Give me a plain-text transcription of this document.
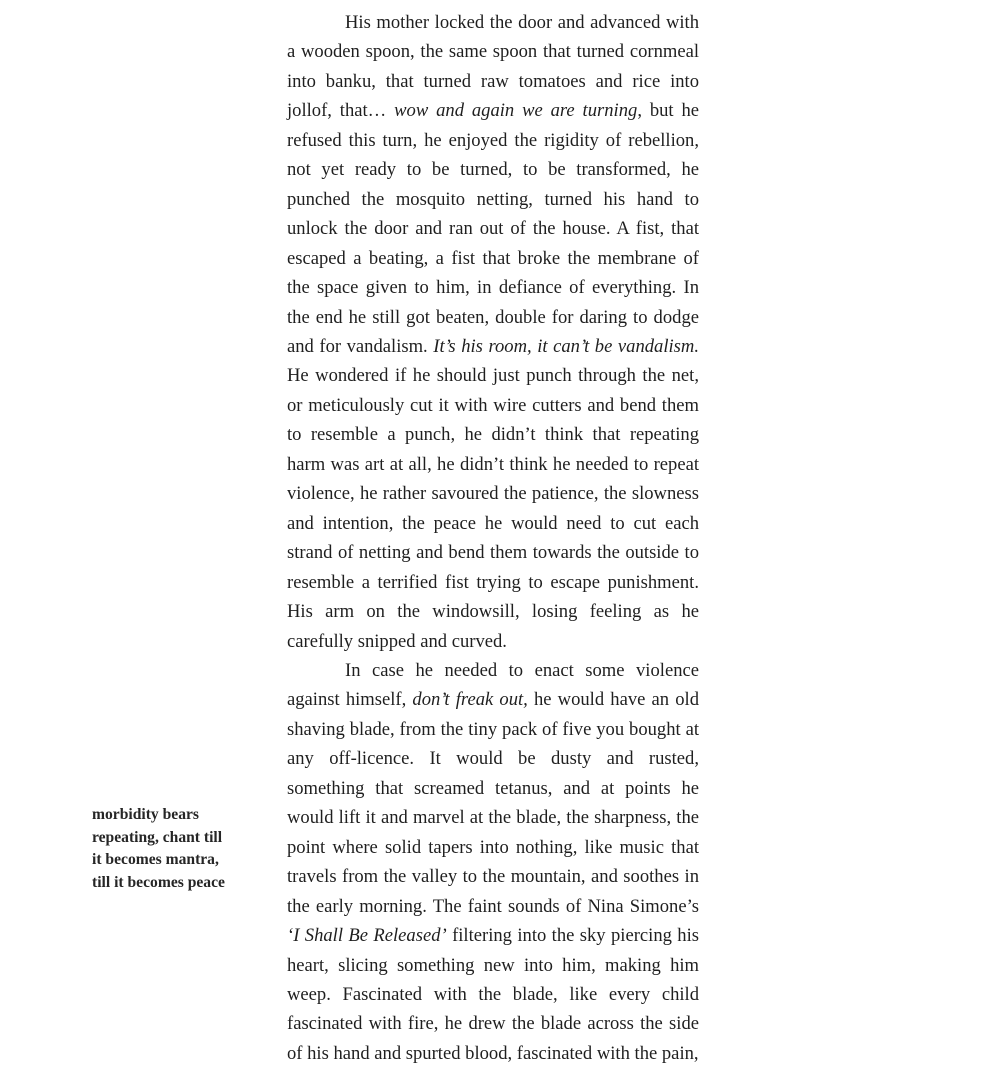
His mother locked the door and advanced with a wooden spoon, the same spoon that turned cornmeal into banku, that turned raw tomatoes and rice into jollof, that… wow and again we are turning, but he refused this turn, he enjoyed the rigidity of rebellion, not yet ready to be turned, to be transformed, he punched the mosquito netting, turned his hand to unlock the door and ran out of the house. A fist, that escaped a beating, a fist that broke the membrane of the space given to him, in defiance of everything. In the end he still got beaten, double for daring to dodge and for vandalism. It’s his room, it can’t be vandalism. He wondered if he should just punch through the net, or meticulously cut it with wire cutters and bend them to resemble a punch, he didn’t think that repeating harm was art at all, he didn’t think he needed to repeat violence, he rather savoured the patience, the slowness and intention, the peace he would need to cut each strand of netting and bend them towards the outside to resemble a terrified fist trying to escape punishment. His arm on the windowsill, losing feeling as he carefully snipped and curved.

In case he needed to enact some violence against himself, don’t freak out, he would have an old shaving blade, from the tiny pack of five you bought at any off-licence. It would be dusty and rusted, something that screamed tetanus, and at points he would lift it and marvel at the blade, the sharpness, the point where solid tapers into nothing, like music that travels from the valley to the mountain, and soothes in the early morning. The faint sounds of Nina Simone’s ‘I Shall Be Released’ filtering into the sky piercing his heart, slicing something new into him, making him weep. Fascinated with the blade, like every child fascinated with fire, he drew the blade across the side of his hand and spurted blood, fascinated with the pain,

morbidity bears
repeating, chant till
it becomes mantra,
till it becomes peace
